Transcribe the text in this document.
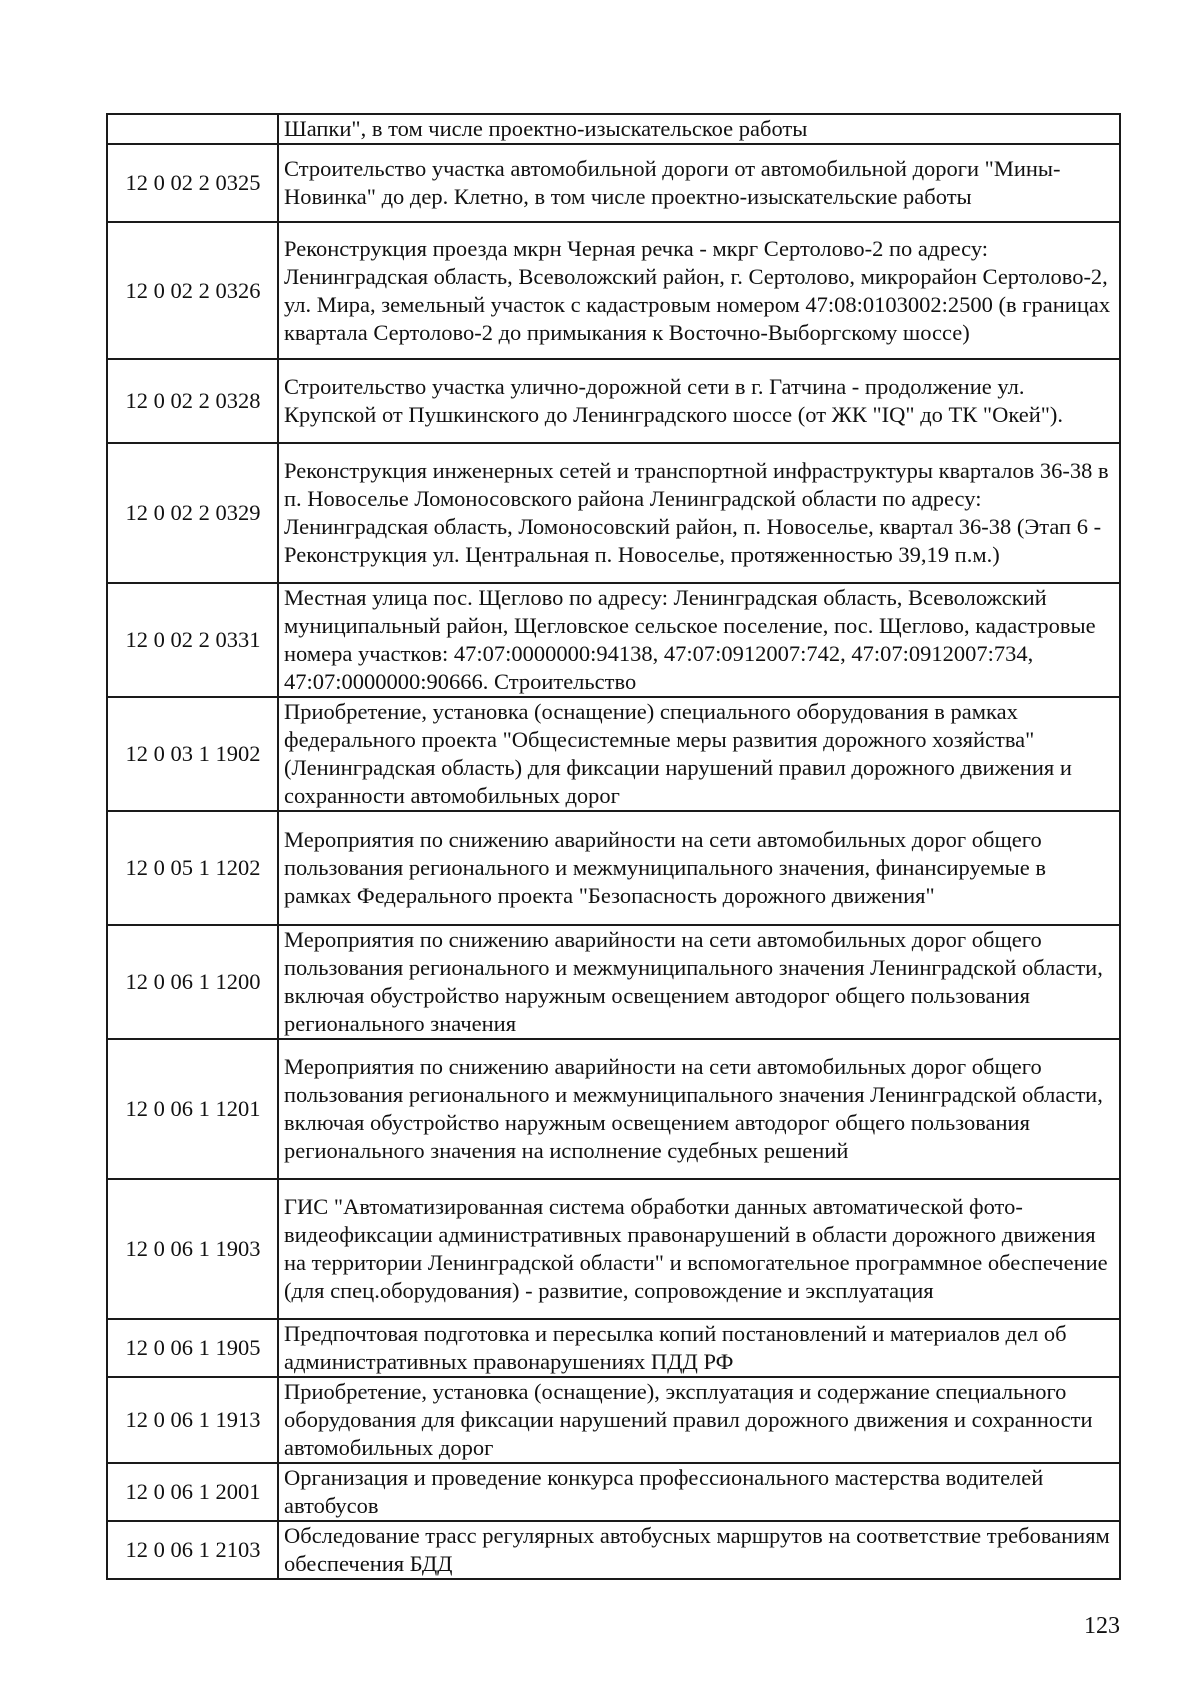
	Шапки", в том числе проектно-изыскательское работы
12 0 02 2 0325	Строительство участка автомобильной дороги от автомобильной дороги "Мины-Новинка" до дер. Клетно, в том числе проектно-изыскательские работы
12 0 02 2 0326	Реконструкция проезда мкрн Черная речка - мкрг Сертолово-2 по адресу: Ленинградская область, Всеволожский район, г. Сертолово, микрорайон Сертолово-2, ул. Мира, земельный участок с кадастровым номером 47:08:0103002:2500 (в границах квартала Сертолово-2 до примыкания к Восточно-Выборгскому шоссе)
12 0 02 2 0328	Строительство участка улично-дорожной сети в г. Гатчина - продолжение ул. Крупской от Пушкинского до Ленинградского шоссе (от ЖК "IQ" до ТК "Окей").
12 0 02 2 0329	Реконструкция инженерных сетей и транспортной инфраструктуры кварталов 36-38 в п. Новоселье Ломоносовского района Ленинградской области по адресу: Ленинградская область, Ломоносовский район, п. Новоселье, квартал 36-38 (Этап 6 - Реконструкция ул. Центральная п. Новоселье, протяженностью 39,19 п.м.)
12 0 02 2 0331	Местная улица пос. Щеглово по адресу: Ленинградская область, Всеволожский муниципальный район, Щегловское сельское поселение, пос. Щеглово, кадастровые номера участков: 47:07:0000000:94138, 47:07:0912007:742, 47:07:0912007:734, 47:07:0000000:90666. Строительство
12 0 03 1 1902	Приобретение, установка (оснащение) специального оборудования в рамках федерального проекта "Общесистемные меры развития дорожного хозяйства" (Ленинградская область) для фиксации нарушений правил дорожного движения и сохранности автомобильных дорог
12 0 05 1 1202	Мероприятия по снижению аварийности на сети автомобильных дорог общего пользования регионального и межмуниципального значения, финансируемые в рамках Федерального проекта "Безопасность дорожного движения"
12 0 06 1 1200	Мероприятия по снижению аварийности на сети автомобильных дорог общего пользования регионального и межмуниципального значения Ленинградской области, включая обустройство наружным освещением автодорог общего пользования регионального значения
12 0 06 1 1201	Мероприятия по снижению аварийности на сети автомобильных дорог общего пользования регионального и межмуниципального значения Ленинградской области, включая обустройство наружным освещением автодорог общего пользования регионального значения на исполнение судебных решений
12 0 06 1 1903	ГИС "Автоматизированная система обработки данных автоматической фото-видеофиксации административных правонарушений в области дорожного движения на территории Ленинградской области" и вспомогательное программное обеспечение (для спец.оборудования) - развитие, сопровождение и эксплуатация
12 0 06 1 1905	Предпочтовая подготовка и пересылка копий постановлений и материалов дел об административных правонарушениях ПДД РФ
12 0 06 1 1913	Приобретение, установка (оснащение), эксплуатация и содержание специального оборудования для фиксации нарушений правил дорожного движения и сохранности автомобильных дорог
12 0 06 1 2001	Организация и проведение конкурса профессионального мастерства водителей автобусов
12 0 06 1 2103	Обследование трасс регулярных автобусных маршрутов на соответствие требованиям обеспечения БДД
123
